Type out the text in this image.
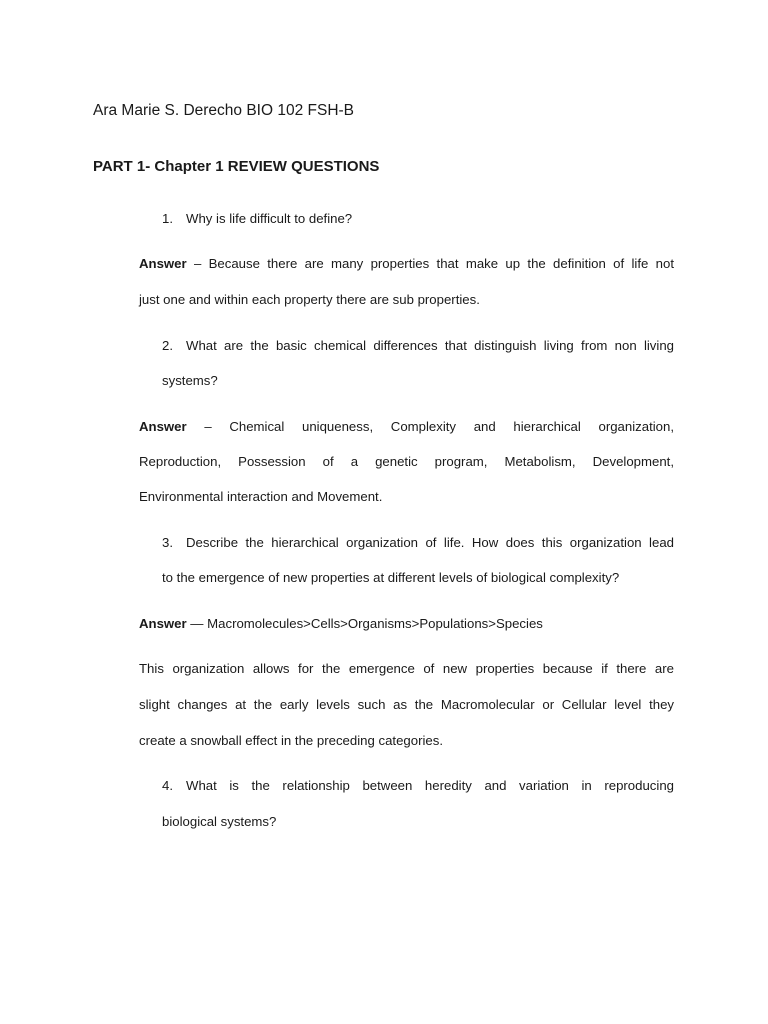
Ara Marie S. Derecho BIO 102 FSH-B
PART 1- Chapter 1 REVIEW QUESTIONS
1. Why is life difficult to define?
Answer – Because there are many properties that make up the definition of life not
just one and within each property there are sub properties.
2. What are the basic chemical differences that distinguish living from non living
systems?
Answer – Chemical uniqueness, Complexity and hierarchical organization,
Reproduction, Possession of a genetic program, Metabolism, Development,
Environmental interaction and Movement.
3. Describe the hierarchical organization of life. How does this organization lead
to the emergence of new properties at different levels of biological complexity?
Answer — Macromolecules>Cells>Organisms>Populations>Species
This organization allows for the emergence of new properties because if there are
slight changes at the early levels such as the Macromolecular or Cellular level they
create a snowball effect in the preceding categories.
4. What is the relationship between heredity and variation in reproducing
biological systems?
